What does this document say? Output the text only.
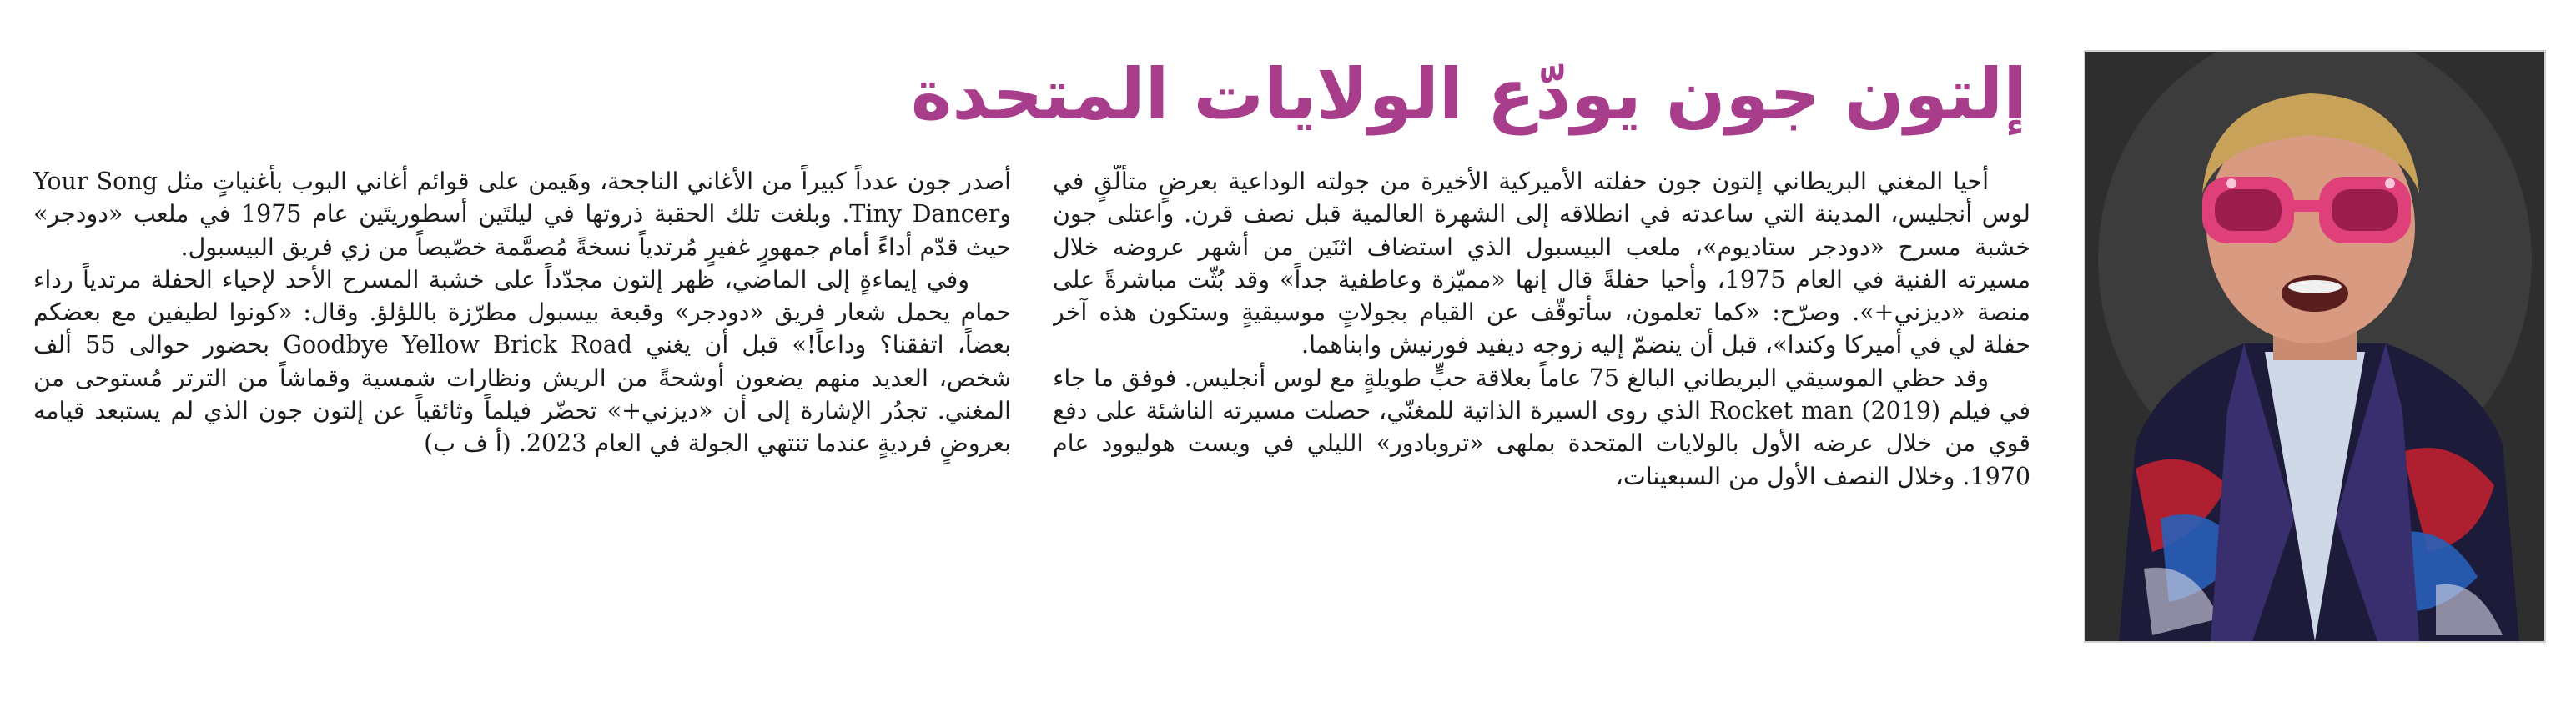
إلتون جون يودّع الولايات المتحدة

أحيا المغني البريطاني إلتون جون حفلته الأميركية الأخيرة من جولته الوداعية بعرضٍ متألّقٍ في لوس أنجليس، المدينة التي ساعدته في انطلاقه إلى الشهرة العالمية قبل نصف قرن. واعتلى جون خشبة مسرح «دودجر ستاديوم»، ملعب البيسبول الذي استضاف اثنَين من أشهر عروضه خلال مسيرته الفنية في العام 1975، وأحيا حفلةً قال إنها «مميّزة وعاطفية جداً» وقد بُثّت مباشرةً على منصة «ديزني+». وصرّح: «كما تعلمون، سأتوقّف عن القيام بجولاتٍ موسيقيةٍ وستكون هذه آخر حفلة لي في أميركا وكندا»، قبل أن ينضمّ إليه زوجه ديفيد فورنيش وابناهما.

وقد حظي الموسيقي البريطاني البالغ 75 عاماً بعلاقة حبٍّ طويلةٍ مع لوس أنجليس. فوفق ما جاء في فيلم Rocket man (2019) الذي روى السيرة الذاتية للمغنّي، حصلت مسيرته الناشئة على دفع قوي من خلال عرضه الأول بالولايات المتحدة بملهى «تروبادور» الليلي في ويست هوليوود عام 1970. وخلال النصف الأول من السبعينات،

أصدر جون عدداً كبيراً من الأغاني الناجحة، وهَيمن على قوائم أغاني البوب بأغنياتٍ مثل Your Song وTiny Dancer. وبلغت تلك الحقبة ذروتها في ليلتَين أسطوريتَين عام 1975 في ملعب «دودجر» حيث قدّم أداءً أمام جمهورٍ غفيرٍ مُرتدياً نسخةً مُصمَّمة خصّيصاً من زي فريق البيسبول.

وفي إيماءةٍ إلى الماضي، ظهر إلتون مجدّداً على خشبة المسرح الأحد لإحياء الحفلة مرتدياً رداء حمام يحمل شعار فريق «دودجر» وقبعة بيسبول مطرّزة باللؤلؤ. وقال: «كونوا لطيفين مع بعضكم بعضاً، اتفقنا؟ وداعاً!» قبل أن يغني Goodbye Yellow Brick Road بحضور حوالى 55 ألف شخص، العديد منهم يضعون أوشحةً من الريش ونظارات شمسية وقماشاً من الترتر مُستوحى من المغني. تجدُر الإشارة إلى أن «ديزني+» تحضّر فيلماً وثائقياً عن إلتون جون الذي لم يستبعد قيامه بعروضٍ فرديةٍ عندما تنتهي الجولة في العام 2023. (أ ف ب)
